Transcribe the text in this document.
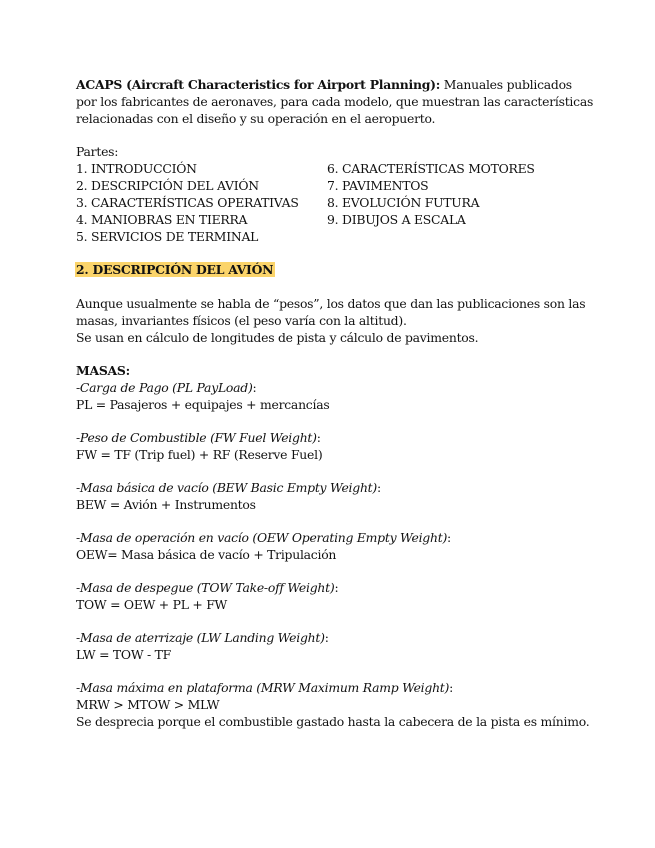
ACAPS (Aircraft Characteristics for Airport Planning): Manuales publicados
por los fabricantes de aeronaves, para cada modelo, que muestran las características
relacionadas con el diseño y su operación en el aeropuerto.
Partes:
1. INTRODUCCIÓN
2. DESCRIPCIÓN DEL AVIÓN
3. CARACTERÍSTICAS OPERATIVAS
4. MANIOBRAS EN TIERRA
5. SERVICIOS DE TERMINAL
6. CARACTERÍSTICAS MOTORES
7. PAVIMENTOS
8. EVOLUCIÓN FUTURA
9. DIBUJOS A ESCALA
2. DESCRIPCIÓN DEL AVIÓN
Aunque usualmente se habla de “pesos”, los datos que dan las publicaciones son las
masas, invariantes físicos (el peso varía con la altitud).
Se usan en cálculo de longitudes de pista y cálculo de pavimentos.
MASAS:
-Carga de Pago (PL PayLoad):
PL = Pasajeros + equipajes + mercancías
-Peso de Combustible (FW Fuel Weight):
FW = TF (Trip fuel) + RF (Reserve Fuel)
-Masa básica de vacío (BEW Basic Empty Weight):
BEW = Avión + Instrumentos
-Masa de operación en vacío (OEW Operating Empty Weight):
OEW= Masa básica de vacío + Tripulación
-Masa de despegue (TOW Take-off Weight):
TOW = OEW + PL + FW
-Masa de aterrizaje (LW Landing Weight):
LW = TOW - TF
-Masa máxima en plataforma (MRW Maximum Ramp Weight):
MRW > MTOW > MLW
Se desprecia porque el combustible gastado hasta la cabecera de la pista es mínimo.
